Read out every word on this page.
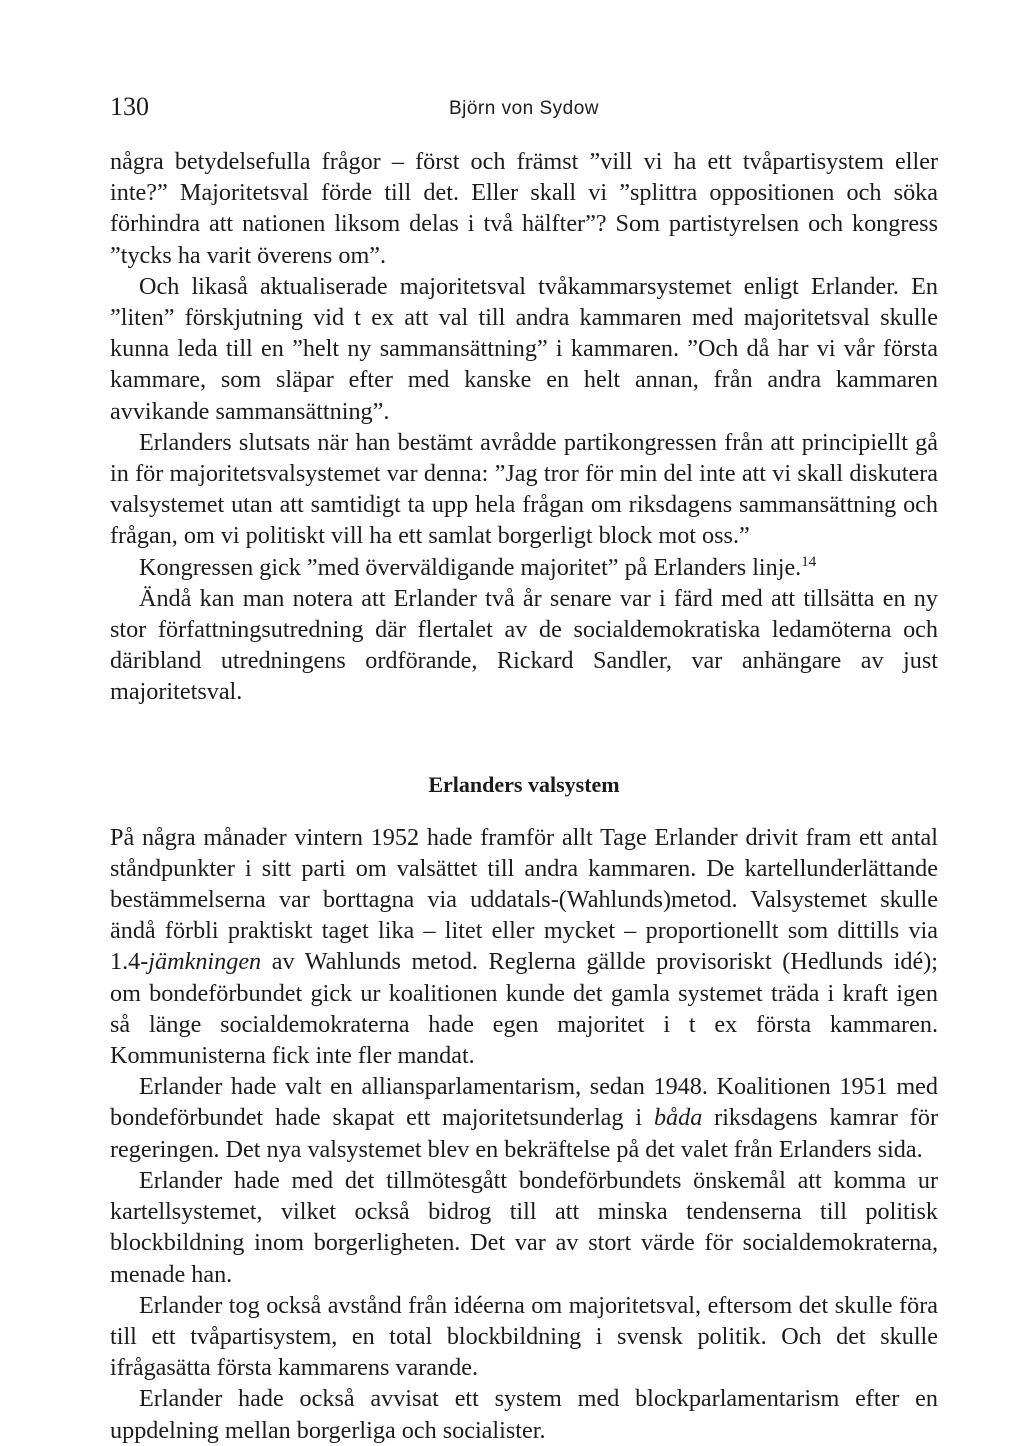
130	Björn von Sydow

några betydelsefulla frågor – först och främst ”vill vi ha ett tvåpartisystem eller inte?” Majoritetsval förde till det. Eller skall vi ”splittra oppositionen och söka förhindra att nationen liksom delas i två hälfter”? Som partistyrelsen och kongress ”tycks ha varit överens om”.

Och likaså aktualiserade majoritetsval tvåkammarsystemet enligt Erlander. En ”liten” förskjutning vid t ex att val till andra kammaren med majoritetsval skulle kunna leda till en ”helt ny sammansättning” i kammaren. ”Och då har vi vår första kammare, som släpar efter med kanske en helt annan, från andra kammaren avvikande sammansättning”.

Erlanders slutsats när han bestämt avrådde partikongressen från att principiellt gå in för majoritetsvalsystemet var denna: ”Jag tror för min del inte att vi skall diskutera valsystemet utan att samtidigt ta upp hela frågan om riksdagens sammansättning och frågan, om vi politiskt vill ha ett samlat borgerligt block mot oss.”

Kongressen gick ”med överväldigande majoritet” på Erlanders linje.$^{14}$

Ändå kan man notera att Erlander två år senare var i färd med att tillsätta en ny stor författningsutredning där flertalet av de socialdemokratiska ledamöterna och däribland utredningens ordförande, Rickard Sandler, var anhängare av just majoritetsval.

Erlanders valsystem

På några månader vintern 1952 hade framför allt Tage Erlander drivit fram ett antal ståndpunkter i sitt parti om valsättet till andra kammaren. De kartellunderlättande bestämmelserna var borttagna via uddatals-(Wahlunds)metod. Valsystemet skulle ändå förbli praktiskt taget lika – litet eller mycket – proportionellt som dittills via 1.4-jämkningen av Wahlunds metod. Reglerna gällde provisoriskt (Hedlunds idé); om bondeförbundet gick ur koalitionen kunde det gamla systemet träda i kraft igen så länge socialdemokraterna hade egen majoritet i t ex första kammaren. Kommunisterna fick inte fler mandat.

Erlander hade valt en alliansparlamentarism, sedan 1948. Koalitionen 1951 med bondeförbundet hade skapat ett majoritetsunderlag i båda riksdagens kamrar för regeringen. Det nya valsystemet blev en bekräftelse på det valet från Erlanders sida.

Erlander hade med det tillmötesgått bondeförbundets önskemål att komma ur kartellsystemet, vilket också bidrog till att minska tendenserna till politisk blockbildning inom borgerligheten. Det var av stort värde för socialdemokraterna, menade han.

Erlander tog också avstånd från idéerna om majoritetsval, eftersom det skulle föra till ett tvåpartisystem, en total blockbildning i svensk politik. Och det skulle ifrågasätta första kammarens varande.

Erlander hade också avvisat ett system med blockparlamentarism efter en uppdelning mellan borgerliga och socialister.
